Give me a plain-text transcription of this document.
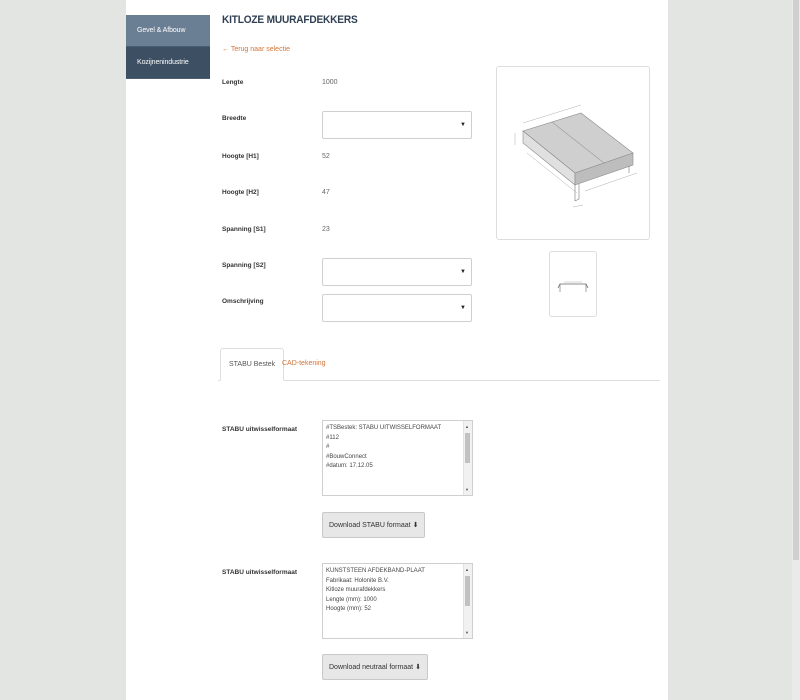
Gevel & Afbouw
Kozijnenindustrie
KITLOZE MUURAFDEKKERS
← Terug naar selectie
Lengte	1000
Breedte
▼
Hoogte [H1]	52
Hoogte [H2]	47
Spanning [S1]	23
Spanning [S2]
▼
Omschrijving
▼
STABU Bestek CAD-tekening
STABU uitwisselformaat	#TSBestek: STABU UITWISSELFORMAAT
#112
#
#BouwConnect
#datum: 17.12.05
▲
▼
Download STABU formaat ⬇
STABU uitwisselformaat	KUNSTSTEEN AFDEKBAND-PLAAT
Fabrikaat: Holonite B.V.
Kitloze muurafdekkers
Lengte (mm): 1000
Hoogte (mm): 52
▲
▼
Download neutraal formaat ⬇
